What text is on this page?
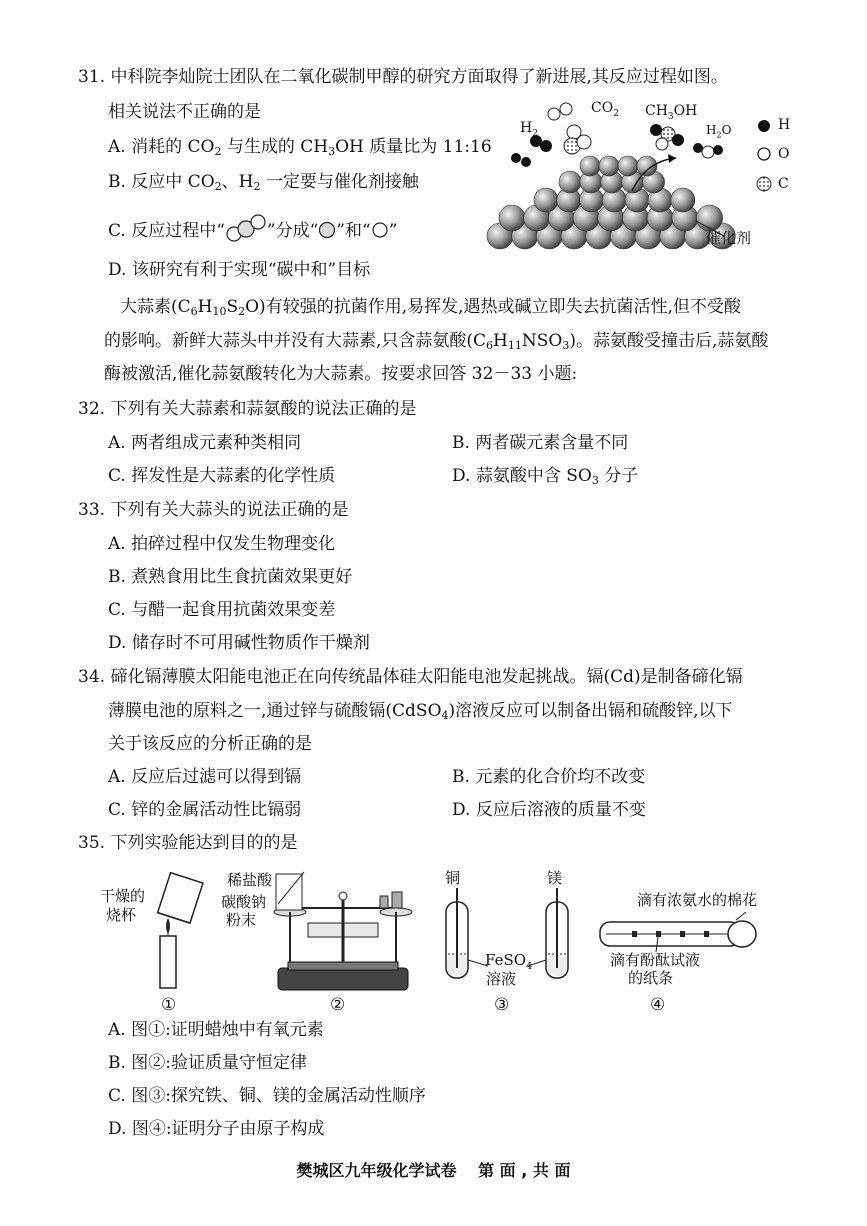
31. 中科院李灿院士团队在二氧化碳制甲醇的研究方面取得了新进展,其反应过程如图。
相关说法不正确的是
A. 消耗的 $CO_2$ 与生成的 $CH_3OH$ 质量比为 11:16
B. 反应中 $CO_2$、$H_2$ 一定要与催化剂接触
C. 反应过程中“ ”分成“ ”和“ ”
D. 该研究有利于实现“碳中和”目标
$H_2$
$CO_2$ $CH_3OH$
$H_2O$	H
O
C
催化剂
大蒜素$(C_6H_{10}S_2O)$有较强的抗菌作用,易挥发,遇热或碱立即失去抗菌活性,但不受酸
的影响。新鲜大蒜头中并没有大蒜素,只含蒜氨酸$(C_6H_{11}NSO_3)$。蒜氨酸受撞击后,蒜氨酸
酶被激活,催化蒜氨酸转化为大蒜素。按要求回答 32－33 小题:
32. 下列有关大蒜素和蒜氨酸的说法正确的是
A. 两者组成元素种类相同	B. 两者碳元素含量不同
C. 挥发性是大蒜素的化学性质	D. 蒜氨酸中含 $SO_3$ 分子
33. 下列有关大蒜头的说法正确的是
A. 拍碎过程中仅发生物理变化
B. 煮熟食用比生食抗菌效果更好
C. 与醋一起食用抗菌效果变差
D. 储存时不可用碱性物质作干燥剂
34. 碲化镉薄膜太阳能电池正在向传统晶体硅太阳能电池发起挑战。镉(Cd)是制备碲化镉
薄膜电池的原料之一,通过锌与硫酸镉(CdSO$_4$)溶液反应可以制备出镉和硫酸锌,以下
关于该反应的分析正确的是
A. 反应后过滤可以得到镉	B. 元素的化合价均不改变
C. 锌的金属活动性比镉弱	D. 反应后溶液的质量不变
35. 下列实验能达到目的的是
干燥的
烧杯
稀盐酸
碳酸钠
粉末
铜	镁
FeSO$_4$
溶液
滴有浓氨水的棉花
滴有酚酞试液
的纸条
①	②	③	④
A. 图①:证明蜡烛中有氧元素
B. 图②:验证质量守恒定律
C. 图③:探究铁、铜、镁的金属活动性顺序
D. 图④:证明分子由原子构成
樊城区九年级化学试卷　 第 面 , 共 面
